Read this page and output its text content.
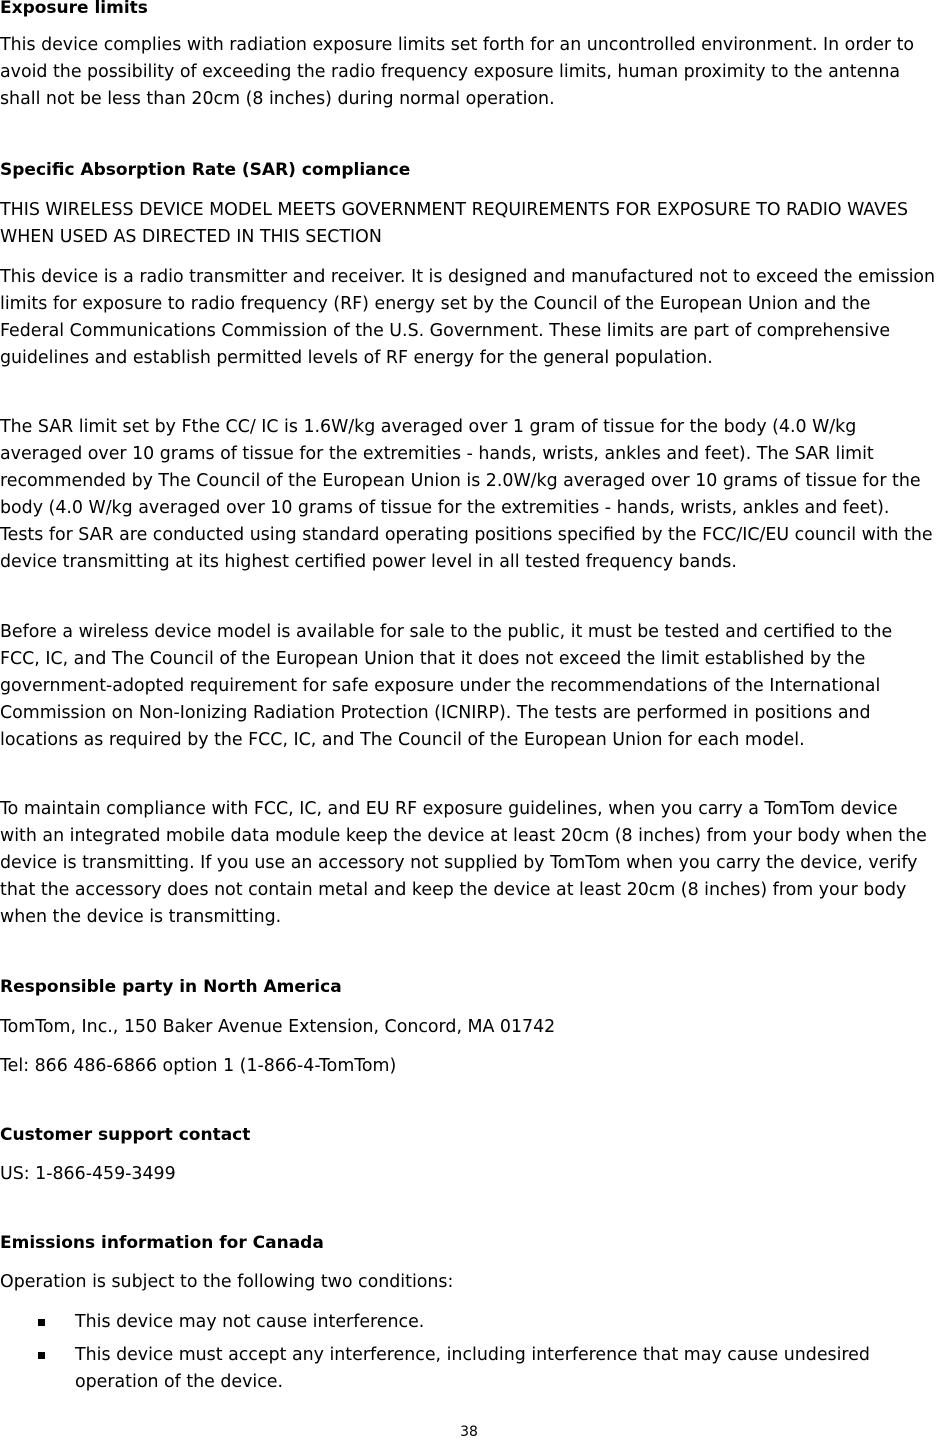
Exposure limits

This device complies with radiation exposure limits set forth for an uncontrolled environment. In order to avoid the possibility of exceeding the radio frequency exposure limits, human proximity to the antenna shall not be less than 20cm (8 inches) during normal operation.

Specific Absorption Rate (SAR) compliance

THIS WIRELESS DEVICE MODEL MEETS GOVERNMENT REQUIREMENTS FOR EXPOSURE TO RADIO WAVES WHEN USED AS DIRECTED IN THIS SECTION

This device is a radio transmitter and receiver. It is designed and manufactured not to exceed the emission limits for exposure to radio frequency (RF) energy set by the Council of the European Union and the Federal Communications Commission of the U.S. Government. These limits are part of comprehensive guidelines and establish permitted levels of RF energy for the general population.

The SAR limit set by Fthe CC/ IC is 1.6W/kg averaged over 1 gram of tissue for the body (4.0 W/kg averaged over 10 grams of tissue for the extremities - hands, wrists, ankles and feet). The SAR limit recommended by The Council of the European Union is 2.0W/kg averaged over 10 grams of tissue for the body (4.0 W/kg averaged over 10 grams of tissue for the extremities - hands, wrists, ankles and feet). Tests for SAR are conducted using standard operating positions specified by the FCC/IC/EU council with the device transmitting at its highest certified power level in all tested frequency bands.

Before a wireless device model is available for sale to the public, it must be tested and certified to the FCC, IC, and The Council of the European Union that it does not exceed the limit established by the government-adopted requirement for safe exposure under the recommendations of the International Commission on Non-Ionizing Radiation Protection (ICNIRP). The tests are performed in positions and locations as required by the FCC, IC, and The Council of the European Union for each model.

To maintain compliance with FCC, IC, and EU RF exposure guidelines, when you carry a TomTom device with an integrated mobile data module keep the device at least 20cm (8 inches) from your body when the device is transmitting. If you use an accessory not supplied by TomTom when you carry the device, verify that the accessory does not contain metal and keep the device at least 20cm (8 inches) from your body when the device is transmitting.

Responsible party in North America

TomTom, Inc., 150 Baker Avenue Extension, Concord, MA 01742

Tel: 866 486-6866 option 1 (1-866-4-TomTom)

Customer support contact

US: 1-866-459-3499

Emissions information for Canada

Operation is subject to the following two conditions:

This device may not cause interference.
This device must accept any interference, including interference that may cause undesired operation of the device.
38
